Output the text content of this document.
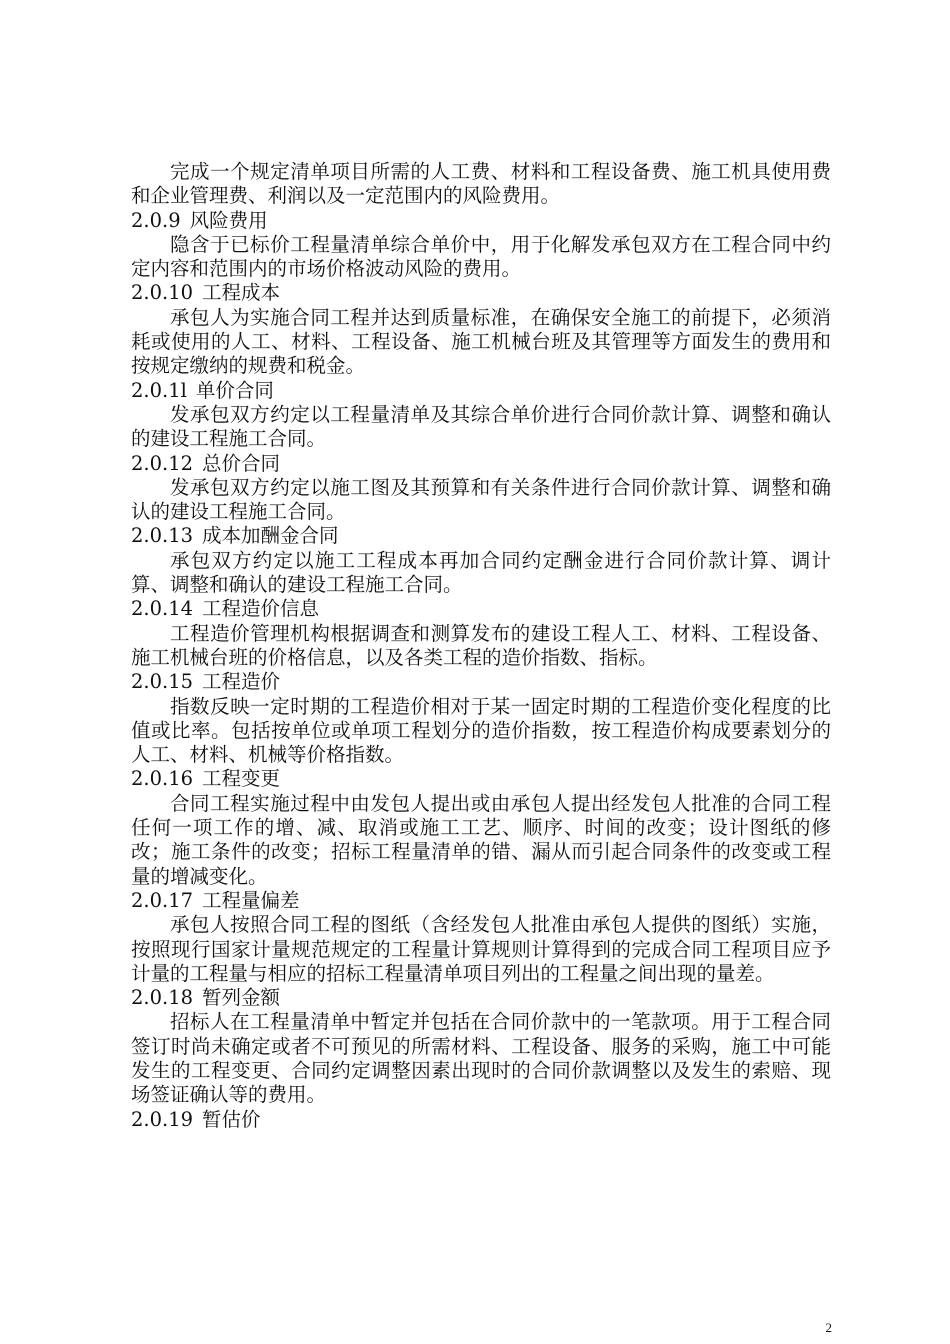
完成一个规定清单项目所需的人工费、材料和工程设备费、施工机具使用费和企业管理费、利润以及一定范围内的风险费用。

2.0.9 风险费用

隐含于已标价工程量清单综合单价中，用于化解发承包双方在工程合同中约定内容和范围内的市场价格波动风险的费用。

2.0.10 工程成本

承包人为实施合同工程并达到质量标准，在确保安全施工的前提下，必须消耗或使用的人工、材料、工程设备、施工机械台班及其管理等方面发生的费用和按规定缴纳的规费和税金。

2.0.1l 单价合同

发承包双方约定以工程量清单及其综合单价进行合同价款计算、调整和确认的建设工程施工合同。

2.0.12 总价合同

发承包双方约定以施工图及其预算和有关条件进行合同价款计算、调整和确认的建设工程施工合同。

2.0.13 成本加酬金合同

承包双方约定以施工工程成本再加合同约定酬金进行合同价款计算、调计算、调整和确认的建设工程施工合同。

2.0.14 工程造价信息

工程造价管理机构根据调查和测算发布的建设工程人工、材料、工程设备、施工机械台班的价格信息，以及各类工程的造价指数、指标。

2.0.15 工程造价

指数反映一定时期的工程造价相对于某一固定时期的工程造价变化程度的比值或比率。包括按单位或单项工程划分的造价指数，按工程造价构成要素划分的人工、材料、机械等价格指数。

2.0.16 工程变更

合同工程实施过程中由发包人提出或由承包人提出经发包人批准的合同工程任何一项工作的增、减、取消或施工工艺、顺序、时间的改变；设计图纸的修改；施工条件的改变；招标工程量清单的错、漏从而引起合同条件的改变或工程量的增减变化。

2.0.17 工程量偏差

承包人按照合同工程的图纸（含经发包人批准由承包人提供的图纸）实施，按照现行国家计量规范规定的工程量计算规则计算得到的完成合同工程项目应予计量的工程量与相应的招标工程量清单项目列出的工程量之间出现的量差。

2.0.18 暂列金额

招标人在工程量清单中暂定并包括在合同价款中的一笔款项。用于工程合同签订时尚未确定或者不可预见的所需材料、工程设备、服务的采购，施工中可能发生的工程变更、合同约定调整因素出现时的合同价款调整以及发生的索赔、现场签证确认等的费用。

2.0.19 暂估价

2
